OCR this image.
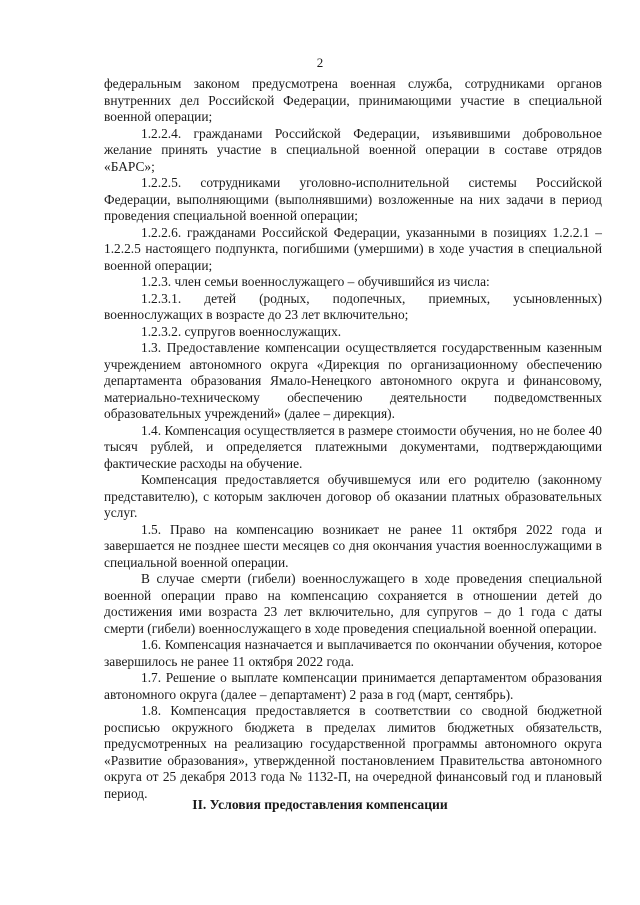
2

федеральным законом предусмотрена военная служба, сотрудниками органов внутренних дел Российской Федерации, принимающими участие в специальной военной операции;

1.2.2.4. гражданами Российской Федерации, изъявившими добровольное желание принять участие в специальной военной операции в составе отрядов «БАРС»;

1.2.2.5. сотрудниками уголовно-исполнительной системы Российской Федерации, выполняющими (выполнявшими) возложенные на них задачи в период проведения специальной военной операции;

1.2.2.6. гражданами Российской Федерации, указанными в позициях 1.2.2.1 – 1.2.2.5 настоящего подпункта, погибшими (умершими) в ходе участия в специальной военной операции;

1.2.3. член семьи военнослужащего – обучившийся из числа:

1.2.3.1. детей (родных, подопечных, приемных, усыновленных) военнослужащих в возрасте до 23 лет включительно;

1.2.3.2. супругов военнослужащих.

1.3. Предоставление компенсации осуществляется государственным казенным учреждением автономного округа «Дирекция по организационному обеспечению департамента образования Ямало-Ненецкого автономного округа и финансовому, материально-техническому обеспечению деятельности подведомственных образовательных учреждений» (далее – дирекция).

1.4. Компенсация осуществляется в размере стоимости обучения, но не более 40 тысяч рублей, и определяется платежными документами, подтверждающими фактические расходы на обучение.

Компенсация предоставляется обучившемуся или его родителю (законному представителю), с которым заключен договор об оказании платных образовательных услуг.

1.5. Право на компенсацию возникает не ранее 11 октября 2022 года и завершается не позднее шести месяцев со дня окончания участия военнослужащими в специальной военной операции.

В случае смерти (гибели) военнослужащего в ходе проведения специальной военной операции право на компенсацию сохраняется в отношении детей до достижения ими возраста 23 лет включительно, для супругов – до 1 года с даты смерти (гибели) военнослужащего в ходе проведения специальной военной операции.

1.6. Компенсация назначается и выплачивается по окончании обучения, которое завершилось не ранее 11 октября 2022 года.

1.7. Решение о выплате компенсации принимается департаментом образования автономного округа (далее – департамент) 2 раза в год (март, сентябрь).

1.8. Компенсация предоставляется в соответствии со сводной бюджетной росписью окружного бюджета в пределах лимитов бюджетных обязательств, предусмотренных на реализацию государственной программы автономного округа «Развитие образования», утвержденной постановлением Правительства автономного округа от 25 декабря 2013 года № 1132-П, на очередной финансовый год и плановый период.

II. Условия предоставления компенсации
